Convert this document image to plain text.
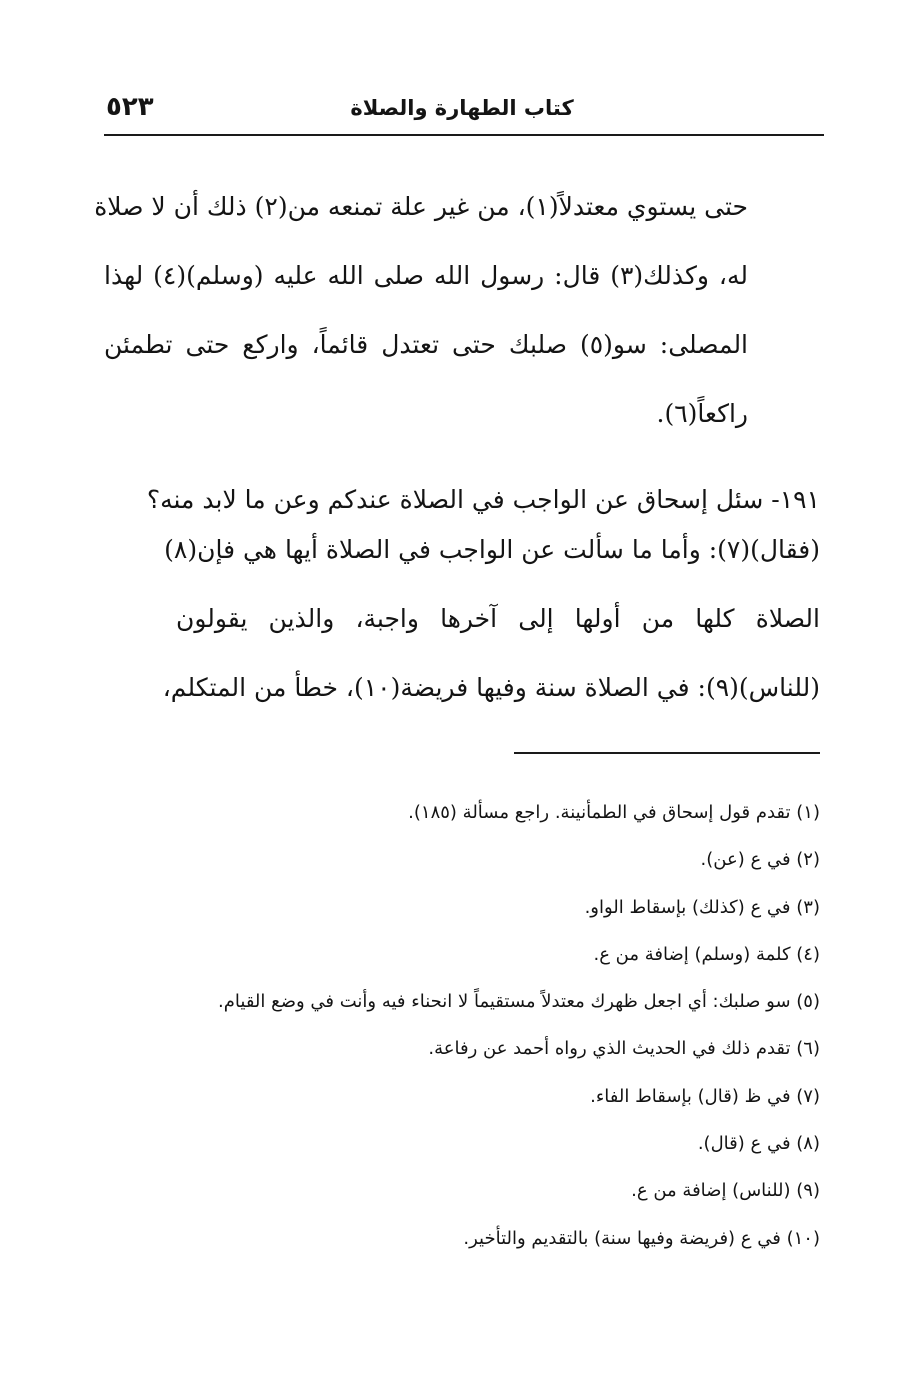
كتاب الطهارة والصلاة
٥٢٣
حتى يستوي معتدلاً(١)، من غير علة تمنعه من(٢) ذلك أن لا صلاة
له، وكذلك(٣) قال: رسول الله صلى الله عليه (وسلم)(٤) لهذا
المصلى: سو(٥) صلبك حتى تعتدل قائماً، واركع حتى تطمئن
راكعاً(٦).
١٩١- سئل إسحاق عن الواجب في الصلاة عندكم وعن ما لابد منه؟
(فقال)(٧): وأما ما سألت عن الواجب في الصلاة أيها هي فإن(٨)
الصلاة كلها من أولها إلى آخرها واجبة، والذين يقولون
(للناس)(٩): في الصلاة سنة وفيها فريضة(١٠)، خطأ من المتكلم،
(١) تقدم قول إسحاق في الطمأنينة. راجع مسألة (١٨٥).
(٢) في ع (عن).
(٣) في ع (كذلك) بإسقاط الواو.
(٤) كلمة (وسلم) إضافة من ع.
(٥) سو صلبك: أي اجعل ظهرك معتدلاً مستقيماً لا انحناء فيه وأنت في وضع القيام.
(٦) تقدم ذلك في الحديث الذي رواه أحمد عن رفاعة.
(٧) في ظ (قال) بإسقاط الفاء.
(٨) في ع (قال).
(٩) (للناس) إضافة من ع.
(١٠) في ع (فريضة وفيها سنة) بالتقديم والتأخير.
